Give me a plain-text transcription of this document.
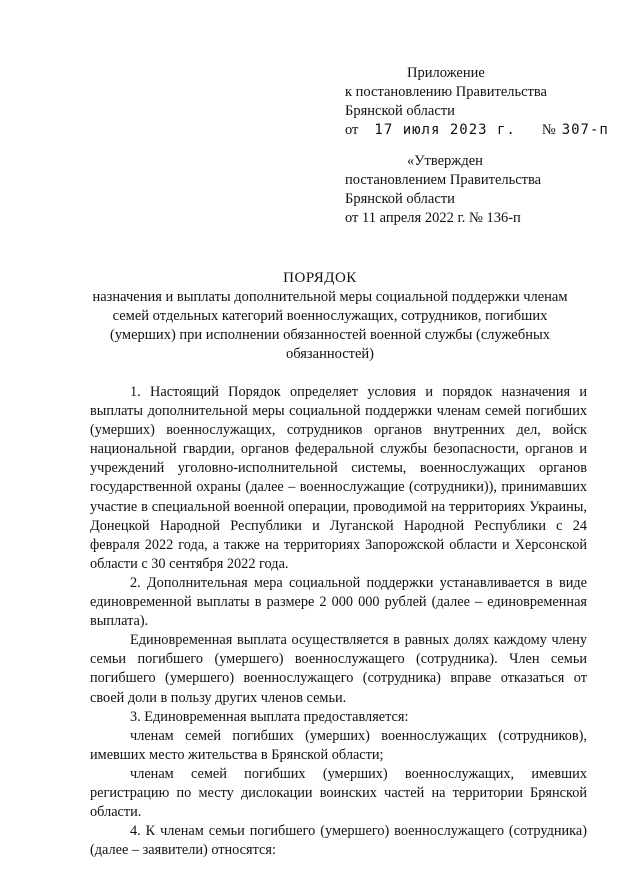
Приложение
к постановлению Правительства
Брянской области
от 17 июля 2023 г. № 307-п
«Утвержден
постановлением Правительства
Брянской области
от 11 апреля 2022 г. № 136-п
ПОРЯДОК
назначения и выплаты дополнительной меры социальной поддержки членам семей отдельных категорий военнослужащих, сотрудников, погибших (умерших) при исполнении обязанностей военной службы (служебных обязанностей)

1. Настоящий Порядок определяет условия и порядок назначения и выплаты дополнительной меры социальной поддержки членам семей погибших (умерших) военнослужащих, сотрудников органов внутренних дел, войск национальной гвардии, органов федеральной службы безопасности, органов и учреждений уголовно-исполнительной системы, военнослужащих органов государственной охраны (далее – военнослужащие (сотрудники)), принимавших участие в специальной военной операции, проводимой на территориях Украины, Донецкой Народной Республики и Луганской Народной Республики с 24 февраля 2022 года, а также на территориях Запорожской области и Херсонской области с 30 сентября 2022 года.

2. Дополнительная мера социальной поддержки устанавливается в виде единовременной выплаты в размере 2 000 000 рублей (далее – единовременная выплата).

Единовременная выплата осуществляется в равных долях каждому члену семьи погибшего (умершего) военнослужащего (сотрудника). Член семьи погибшего (умершего) военнослужащего (сотрудника) вправе отказаться от своей доли в пользу других членов семьи.

3. Единовременная выплата предоставляется:

членам семей погибших (умерших) военнослужащих (сотрудников), имевших место жительства в Брянской области;

членам семей погибших (умерших) военнослужащих, имевших регистрацию по месту дислокации воинских частей на территории Брянской области.

4. К членам семьи погибшего (умершего) военнослужащего (сотрудника) (далее – заявители) относятся:
